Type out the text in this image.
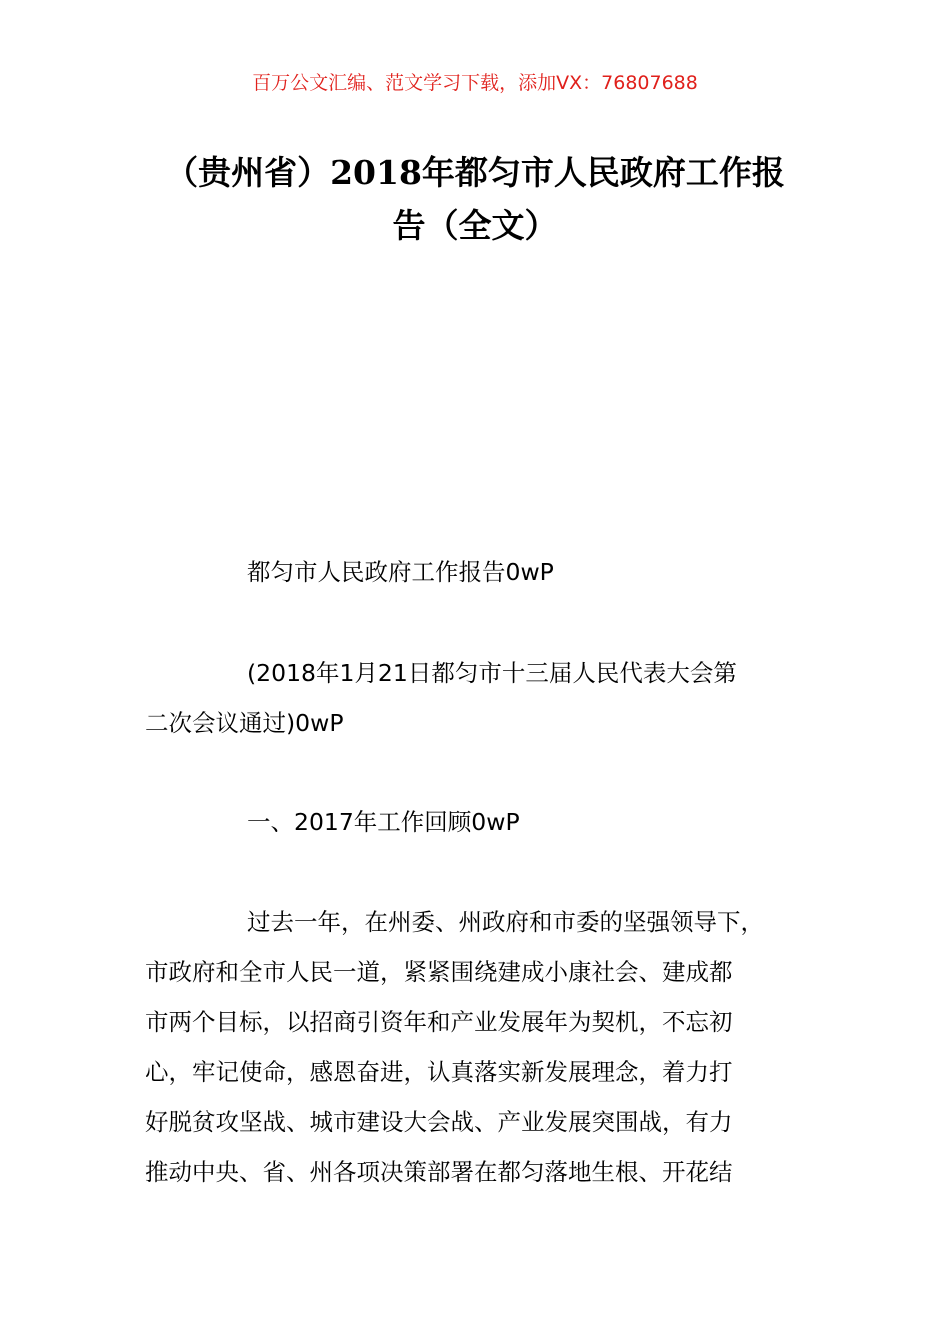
百万公文汇编、范文学习下载，添加VX：76807688
（贵州省）2018年都匀市人民政府工作报
告（全文）
都匀市人民政府工作报告0wP
(2018年1月21日都匀市十三届人民代表大会第
二次会议通过)0wP
一、2017年工作回顾0wP
过去一年，在州委、州政府和市委的坚强领导下，
市政府和全市人民一道，紧紧围绕建成小康社会、建成都
市两个目标，以招商引资年和产业发展年为契机，不忘初
心，牢记使命，感恩奋进，认真落实新发展理念，着力打
好脱贫攻坚战、城市建设大会战、产业发展突围战，有力
推动中央、省、州各项决策部署在都匀落地生根、开花结
